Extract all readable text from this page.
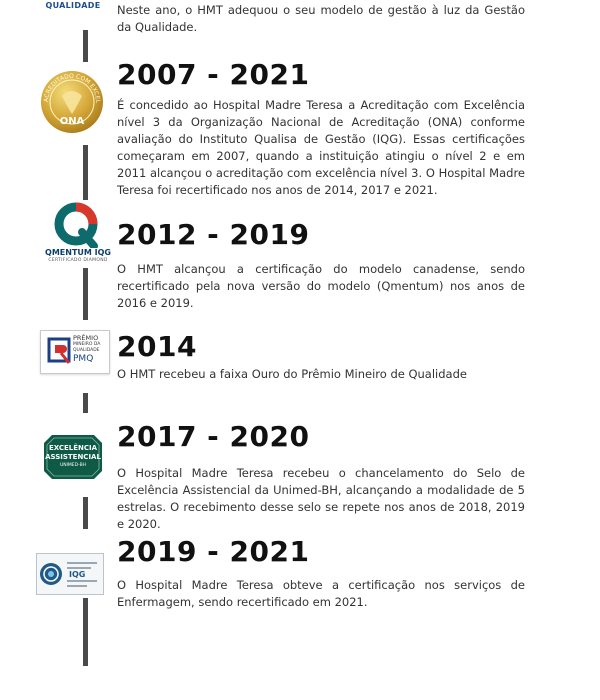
QUALIDADE
ACREDITADO COM EXCEL
ONA
QMENTUM IQG
CERTIFICADO DIAMOND
PRÊMIO
MINEIRO DA
QUALIDADE
PMQ
EXCELÊNCIA
ASSISTENCIAL
UNIMED-BH
IQG

Neste ano, o HMT adequou o seu modelo de gestão à luz da Gestão da Qualidade.

2007 - 2021

É concedido ao Hospital Madre Teresa a Acreditação com Excelência nível 3 da Organização Nacional de Acreditação (ONA) conforme avaliação do Instituto Qualisa de Gestão (IQG). Essas certificações começaram em 2007, quando a instituição atingiu o nível 2 e em 2011 alcançou o acreditação com excelência nível 3. O Hospital Madre Teresa foi recertificado nos anos de 2014, 2017 e 2021.

2012 - 2019

O HMT alcançou a certificação do modelo canadense, sendo recertificado pela nova versão do modelo (Qmentum) nos anos de 2016 e 2019.

2014

O HMT recebeu a faixa Ouro do Prêmio Mineiro de Qualidade

2017 - 2020

O Hospital Madre Teresa recebeu o chancelamento do Selo de Excelência Assistencial da Unimed-BH, alcançando a modalidade de 5 estrelas. O recebimento desse selo se repete nos anos de 2018, 2019 e 2020.

2019 - 2021

O Hospital Madre Teresa obteve a certificação nos serviços de Enfermagem, sendo recertificado em 2021.
